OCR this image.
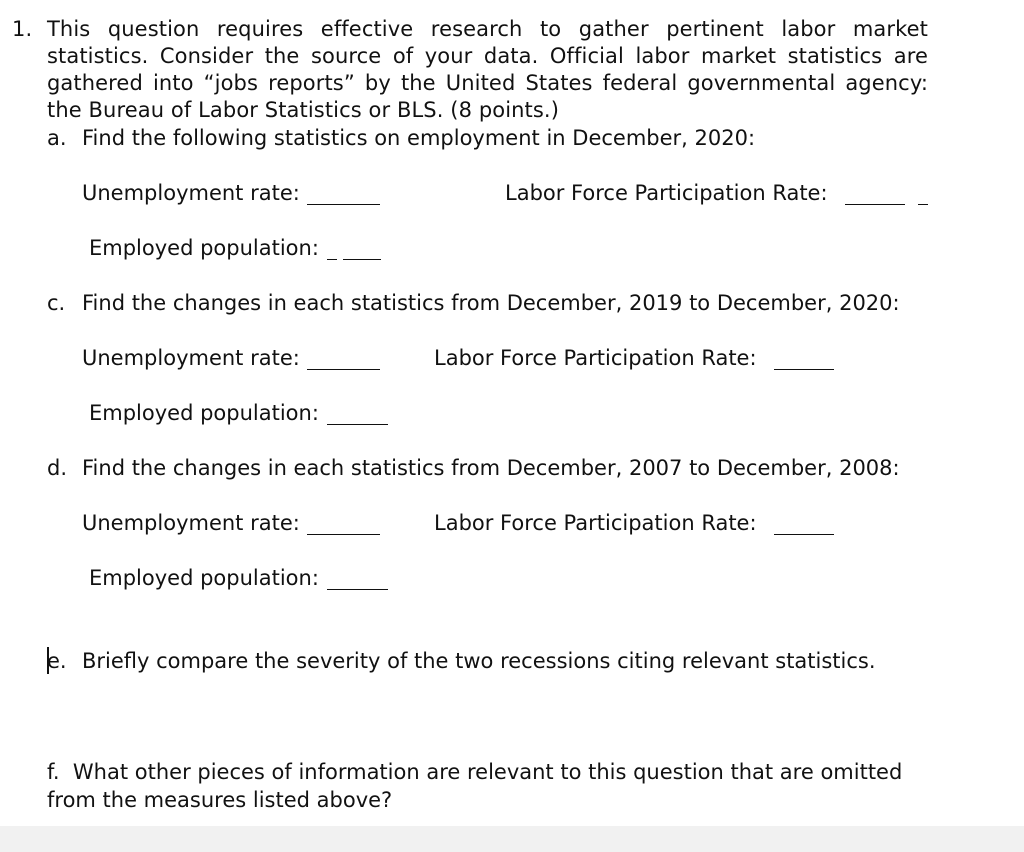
1. This question requires effective research to gather pertinent labor market statistics. Consider the source of your data. Official labor market statistics are gathered into “jobs reports” by the United States federal governmental agency: the Bureau of Labor Statistics or BLS. (8 points.)
a. Find the following statistics on employment in December, 2020:
Unemployment rate:	Labor Force Participation Rate:
Employed population:
c. Find the changes in each statistics from December, 2019 to December, 2020:
Unemployment rate:	Labor Force Participation Rate:
Employed population:
d. Find the changes in each statistics from December, 2007 to December, 2008:
Unemployment rate:	Labor Force Participation Rate:
Employed population:
e. Briefly compare the severity of the two recessions citing relevant statistics.
f. What other pieces of information are relevant to this question that are omitted from the measures listed above?
